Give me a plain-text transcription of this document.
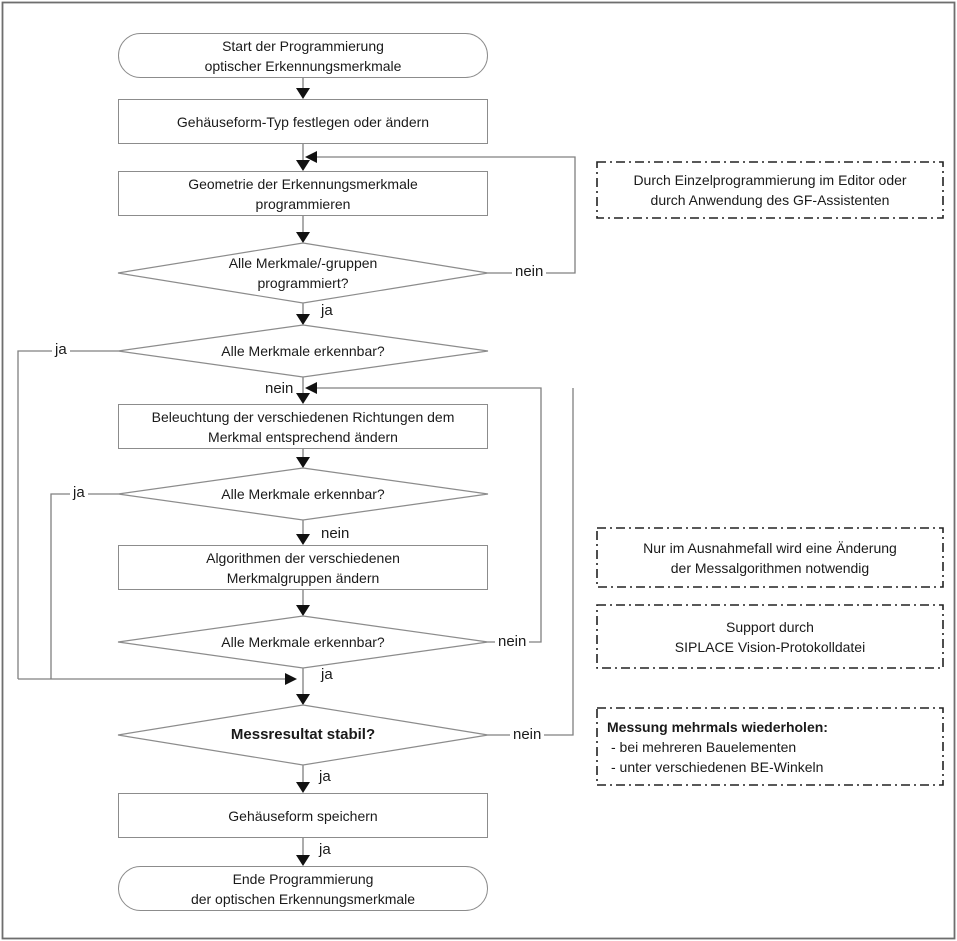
Start der Programmierung
optischer Erkennungsmerkmale
Gehäuseform-Typ festlegen oder ändern
Geometrie der Erkennungsmerkmale
programmieren
Alle Merkmale/-gruppen
programmiert?
Alle Merkmale erkennbar?
Beleuchtung der verschiedenen Richtungen dem
Merkmal entsprechend ändern
Alle Merkmale erkennbar?
Algorithmen der verschiedenen
Merkmalgruppen ändern
Alle Merkmale erkennbar?
Messresultat stabil?
Gehäuseform speichern
Ende Programmierung
der optischen Erkennungsmerkmale
nein
ja
ja
nein
ja
nein
nein
ja
nein
ja
ja
Durch Einzelprogrammierung im Editor oder
durch Anwendung des GF-Assistenten
Nur im Ausnahmefall wird eine Änderung
der Messalgorithmen notwendig
Support durch
SIPLACE Vision-Protokolldatei
Messung mehrmals wiederholen:
- bei mehreren Bauelementen
- unter verschiedenen BE-Winkeln
